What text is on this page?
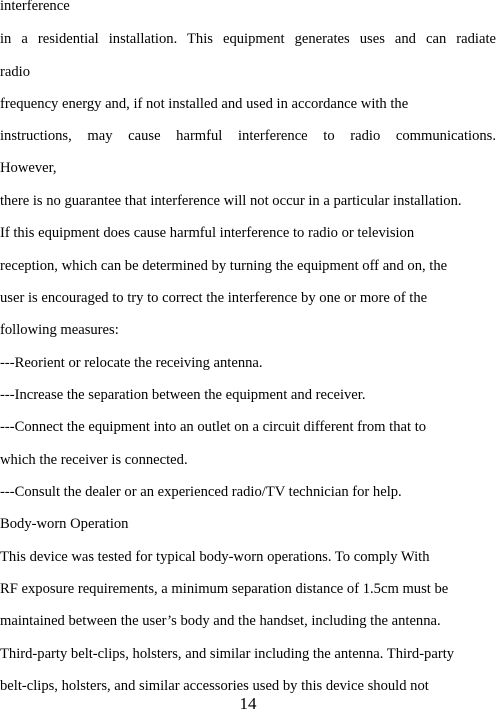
interference
in a residential installation. This equipment generates uses and can radiate
radio
frequency energy and, if not installed and used in accordance with the
instructions, may cause harmful interference to radio communications.
However,
there is no guarantee that interference will not occur in a particular installation.
If this equipment does cause harmful interference to radio or television
reception, which can be determined by turning the equipment off and on, the
user is encouraged to try to correct the interference by one or more of the
following measures:
---Reorient or relocate the receiving antenna.
---Increase the separation between the equipment and receiver.
---Connect the equipment into an outlet on a circuit different from that to
which the receiver is connected.
---Consult the dealer or an experienced radio/TV technician for help.
Body-worn Operation
This device was tested for typical body-worn operations. To comply With
RF exposure requirements, a minimum separation distance of 1.5cm must be
maintained between the user’s body and the handset, including the antenna.
Third-party belt-clips, holsters, and similar including the antenna. Third-party
belt-clips, holsters, and similar accessories used by this device should not
14
